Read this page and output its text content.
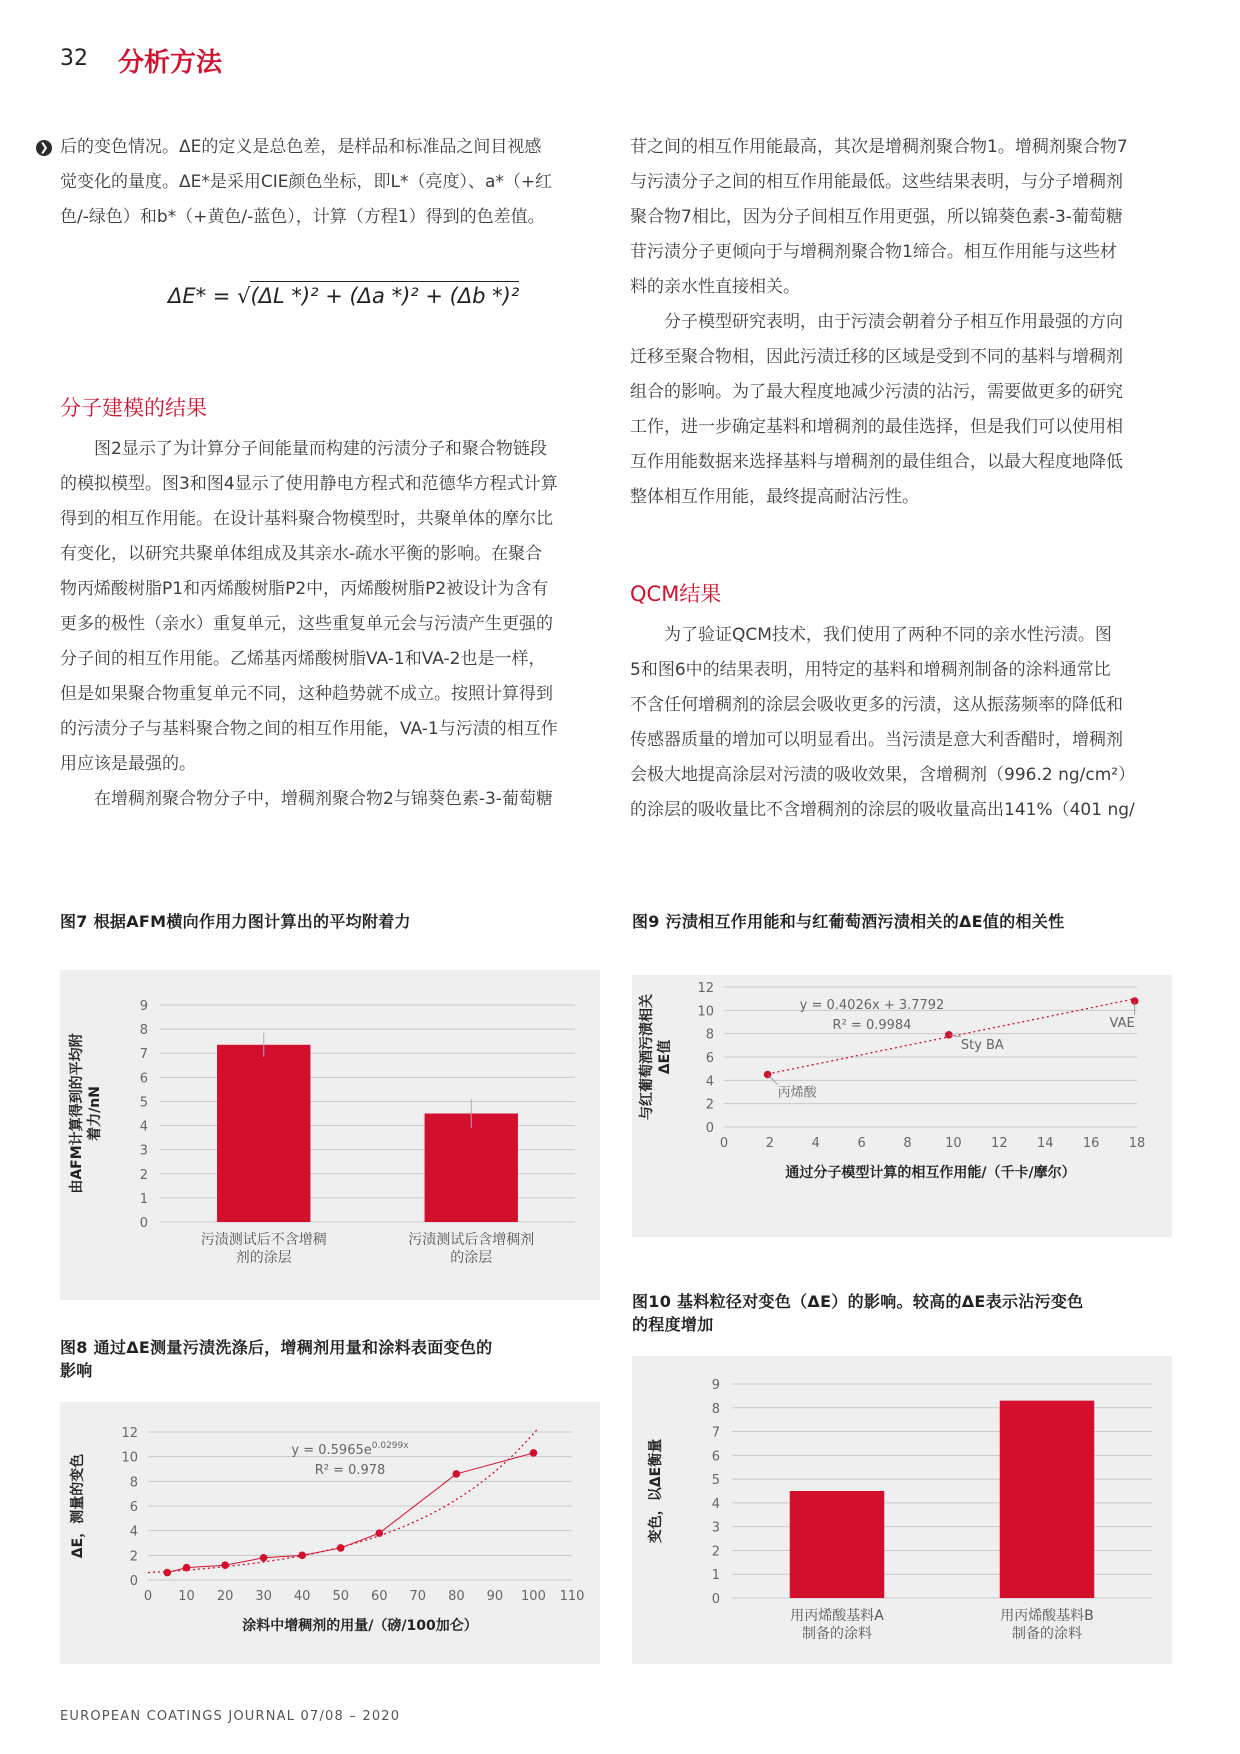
32 分析方法
❯ 后的变色情况。ΔE的定义是总色差，是样品和标准品之间目视感

觉变化的量度。ΔE*是采用CIE颜色坐标，即L*（亮度）、a*（+红

色/-绿色）和b*（+黄色/-蓝色），计算（方程1）得到的色差值。

ΔE* = √(ΔL *)² + (Δa *)² + (Δb *)²
分子建模的结果

图2显示了为计算分子间能量而构建的污渍分子和聚合物链段

的模拟模型。图3和图4显示了使用静电方程式和范德华方程式计算

得到的相互作用能。在设计基料聚合物模型时，共聚单体的摩尔比

有变化，以研究共聚单体组成及其亲水-疏水平衡的影响。在聚合

物丙烯酸树脂P1和丙烯酸树脂P2中，丙烯酸树脂P2被设计为含有

更多的极性（亲水）重复单元，这些重复单元会与污渍产生更强的

分子间的相互作用能。乙烯基丙烯酸树脂VA-1和VA-2也是一样，

但是如果聚合物重复单元不同，这种趋势就不成立。按照计算得到

的污渍分子与基料聚合物之间的相互作用能，VA-1与污渍的相互作

用应该是最强的。

在增稠剂聚合物分子中，增稠剂聚合物2与锦葵色素-3-葡萄糖

苷之间的相互作用能最高，其次是增稠剂聚合物1。增稠剂聚合物7

与污渍分子之间的相互作用能最低。这些结果表明，与分子增稠剂

聚合物7相比，因为分子间相互作用更强，所以锦葵色素-3-葡萄糖

苷污渍分子更倾向于与增稠剂聚合物1缔合。相互作用能与这些材

料的亲水性直接相关。

分子模型研究表明，由于污渍会朝着分子相互作用最强的方向

迁移至聚合物相，因此污渍迁移的区域是受到不同的基料与增稠剂

组合的影响。为了最大程度地减少污渍的沾污，需要做更多的研究

工作，进一步确定基料和增稠剂的最佳选择，但是我们可以使用相

互作用能数据来选择基料与增稠剂的最佳组合，以最大程度地降低

整体相互作用能，最终提高耐沾污性。

QCM结果

为了验证QCM技术，我们使用了两种不同的亲水性污渍。图

5和图6中的结果表明，用特定的基料和增稠剂制备的涂料通常比

不含任何增稠剂的涂层会吸收更多的污渍，这从振荡频率的降低和

传感器质量的增加可以明显看出。当污渍是意大利香醋时，增稠剂

会极大地提高涂层对污渍的吸收效果，含增稠剂（996.2 ng/cm²）

的涂层的吸收量比不含增稠剂的涂层的吸收量高出141%（401 ng/

图7 根据AFM横向作用力图计算出的平均附着力	图9 污渍相互作用能和与红葡萄酒污渍相关的ΔE值的相关性
0
1
2
3
4
5
6
7
8
9
污渍测试后不含增稠
剂的涂层
污渍测试后含增稠剂
的涂层
由AFM计算得到的平均附 着力/nN	0
2
4
6
8
10
12
0	2	4	6	8	10 12 14 16 18
丙烯酸
Sty BA
VAE
y = 0.4026x + 3.7792
R² = 0.9984
通过分子模型计算的相互作用能/（千卡/摩尔）
与红葡萄酒污渍相关 ΔE值
图8 通过ΔE测量污渍洗涤后，增稠剂用量和涂料表面变色的
影响
图10 基料粒径对变色（ΔE）的影响。较高的ΔE表示沾污变色
的程度增加
0
2
4
6
8
10
12
0 10 20 30 40 50 60 70 80 90 100 110
$y = 0.5965e^{0.0299x}$
R² = 0.978
涂料中增稠剂的用量/（磅/100加仑）
ΔE，测量的变色
0
1
2
3
4
5
6
7
8
9
用丙烯酸基料A
制备的涂料
用丙烯酸基料B
制备的涂料
变色，以ΔE衡量
EUROPEAN COATINGS JOURNAL 07/08 – 2020
